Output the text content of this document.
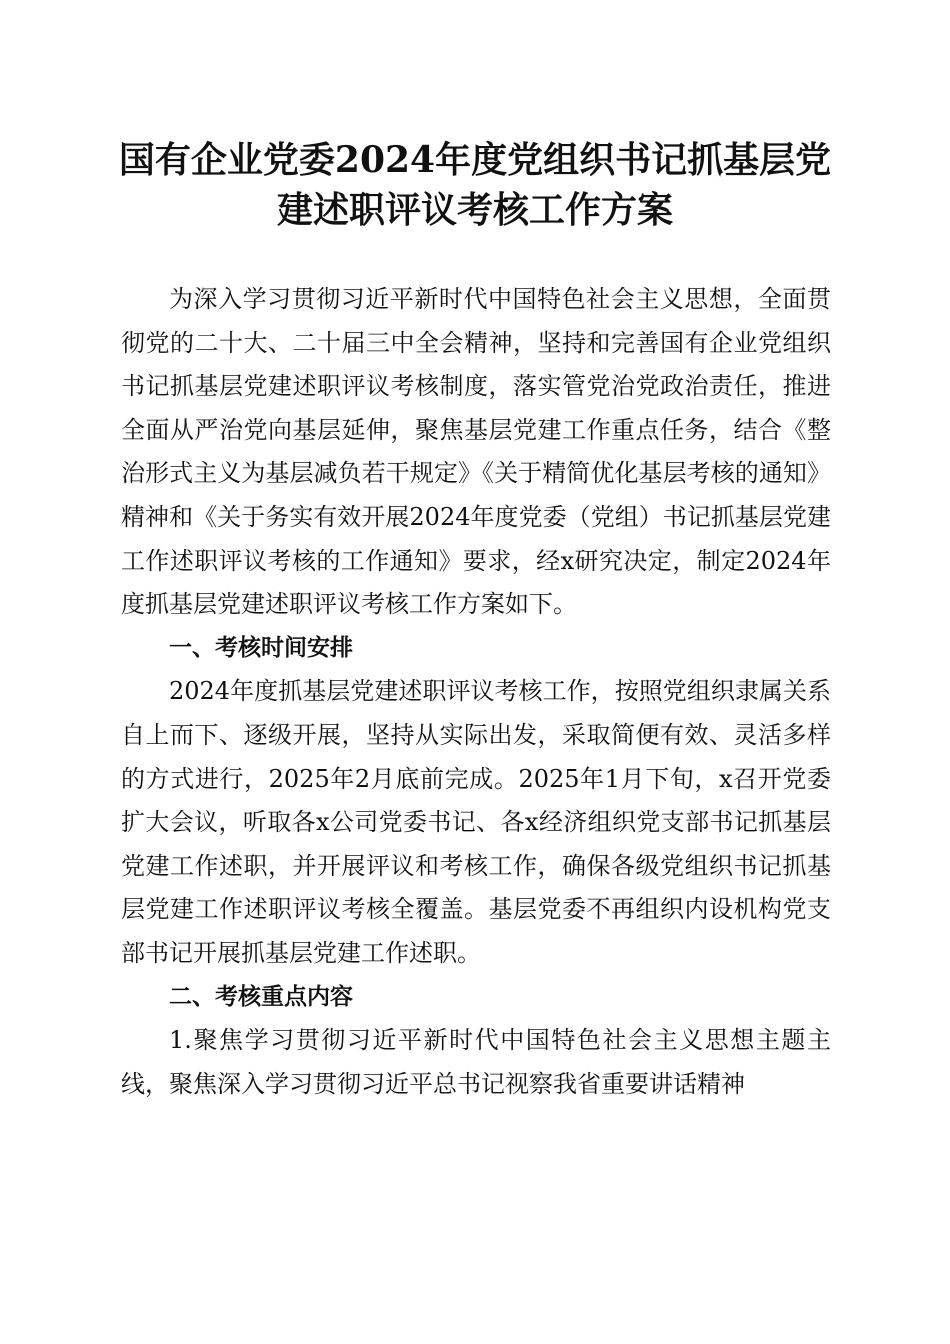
国有企业党委2024年度党组织书记抓基层党
建述职评议考核工作方案

为深入学习贯彻习近平新时代中国特色社会主义思想，全面贯彻党的二十大、二十届三中全会精神，坚持和完善国有企业党组织书记抓基层党建述职评议考核制度，落实管党治党政治责任，推进全面从严治党向基层延伸，聚焦基层党建工作重点任务，结合《整治形式主义为基层减负若干规定》《关于精简优化基层考核的通知》精神和《关于务实有效开展2024年度党委（党组）书记抓基层党建工作述职评议考核的工作通知》要求，经x研究决定，制定2024年度抓基层党建述职评议考核工作方案如下。

一、考核时间安排

2024年度抓基层党建述职评议考核工作，按照党组织隶属关系自上而下、逐级开展，坚持从实际出发，采取简便有效、灵活多样的方式进行，2025年2月底前完成。2025年1月下旬，x召开党委扩大会议，听取各x公司党委书记、各x经济组织党支部书记抓基层党建工作述职，并开展评议和考核工作，确保各级党组织书记抓基层党建工作述职评议考核全覆盖。基层党委不再组织内设机构党支部书记开展抓基层党建工作述职。

二、考核重点内容

1.聚焦学习贯彻习近平新时代中国特色社会主义思想主题主线，聚焦深入学习贯彻习近平总书记视察我省重要讲话精神
